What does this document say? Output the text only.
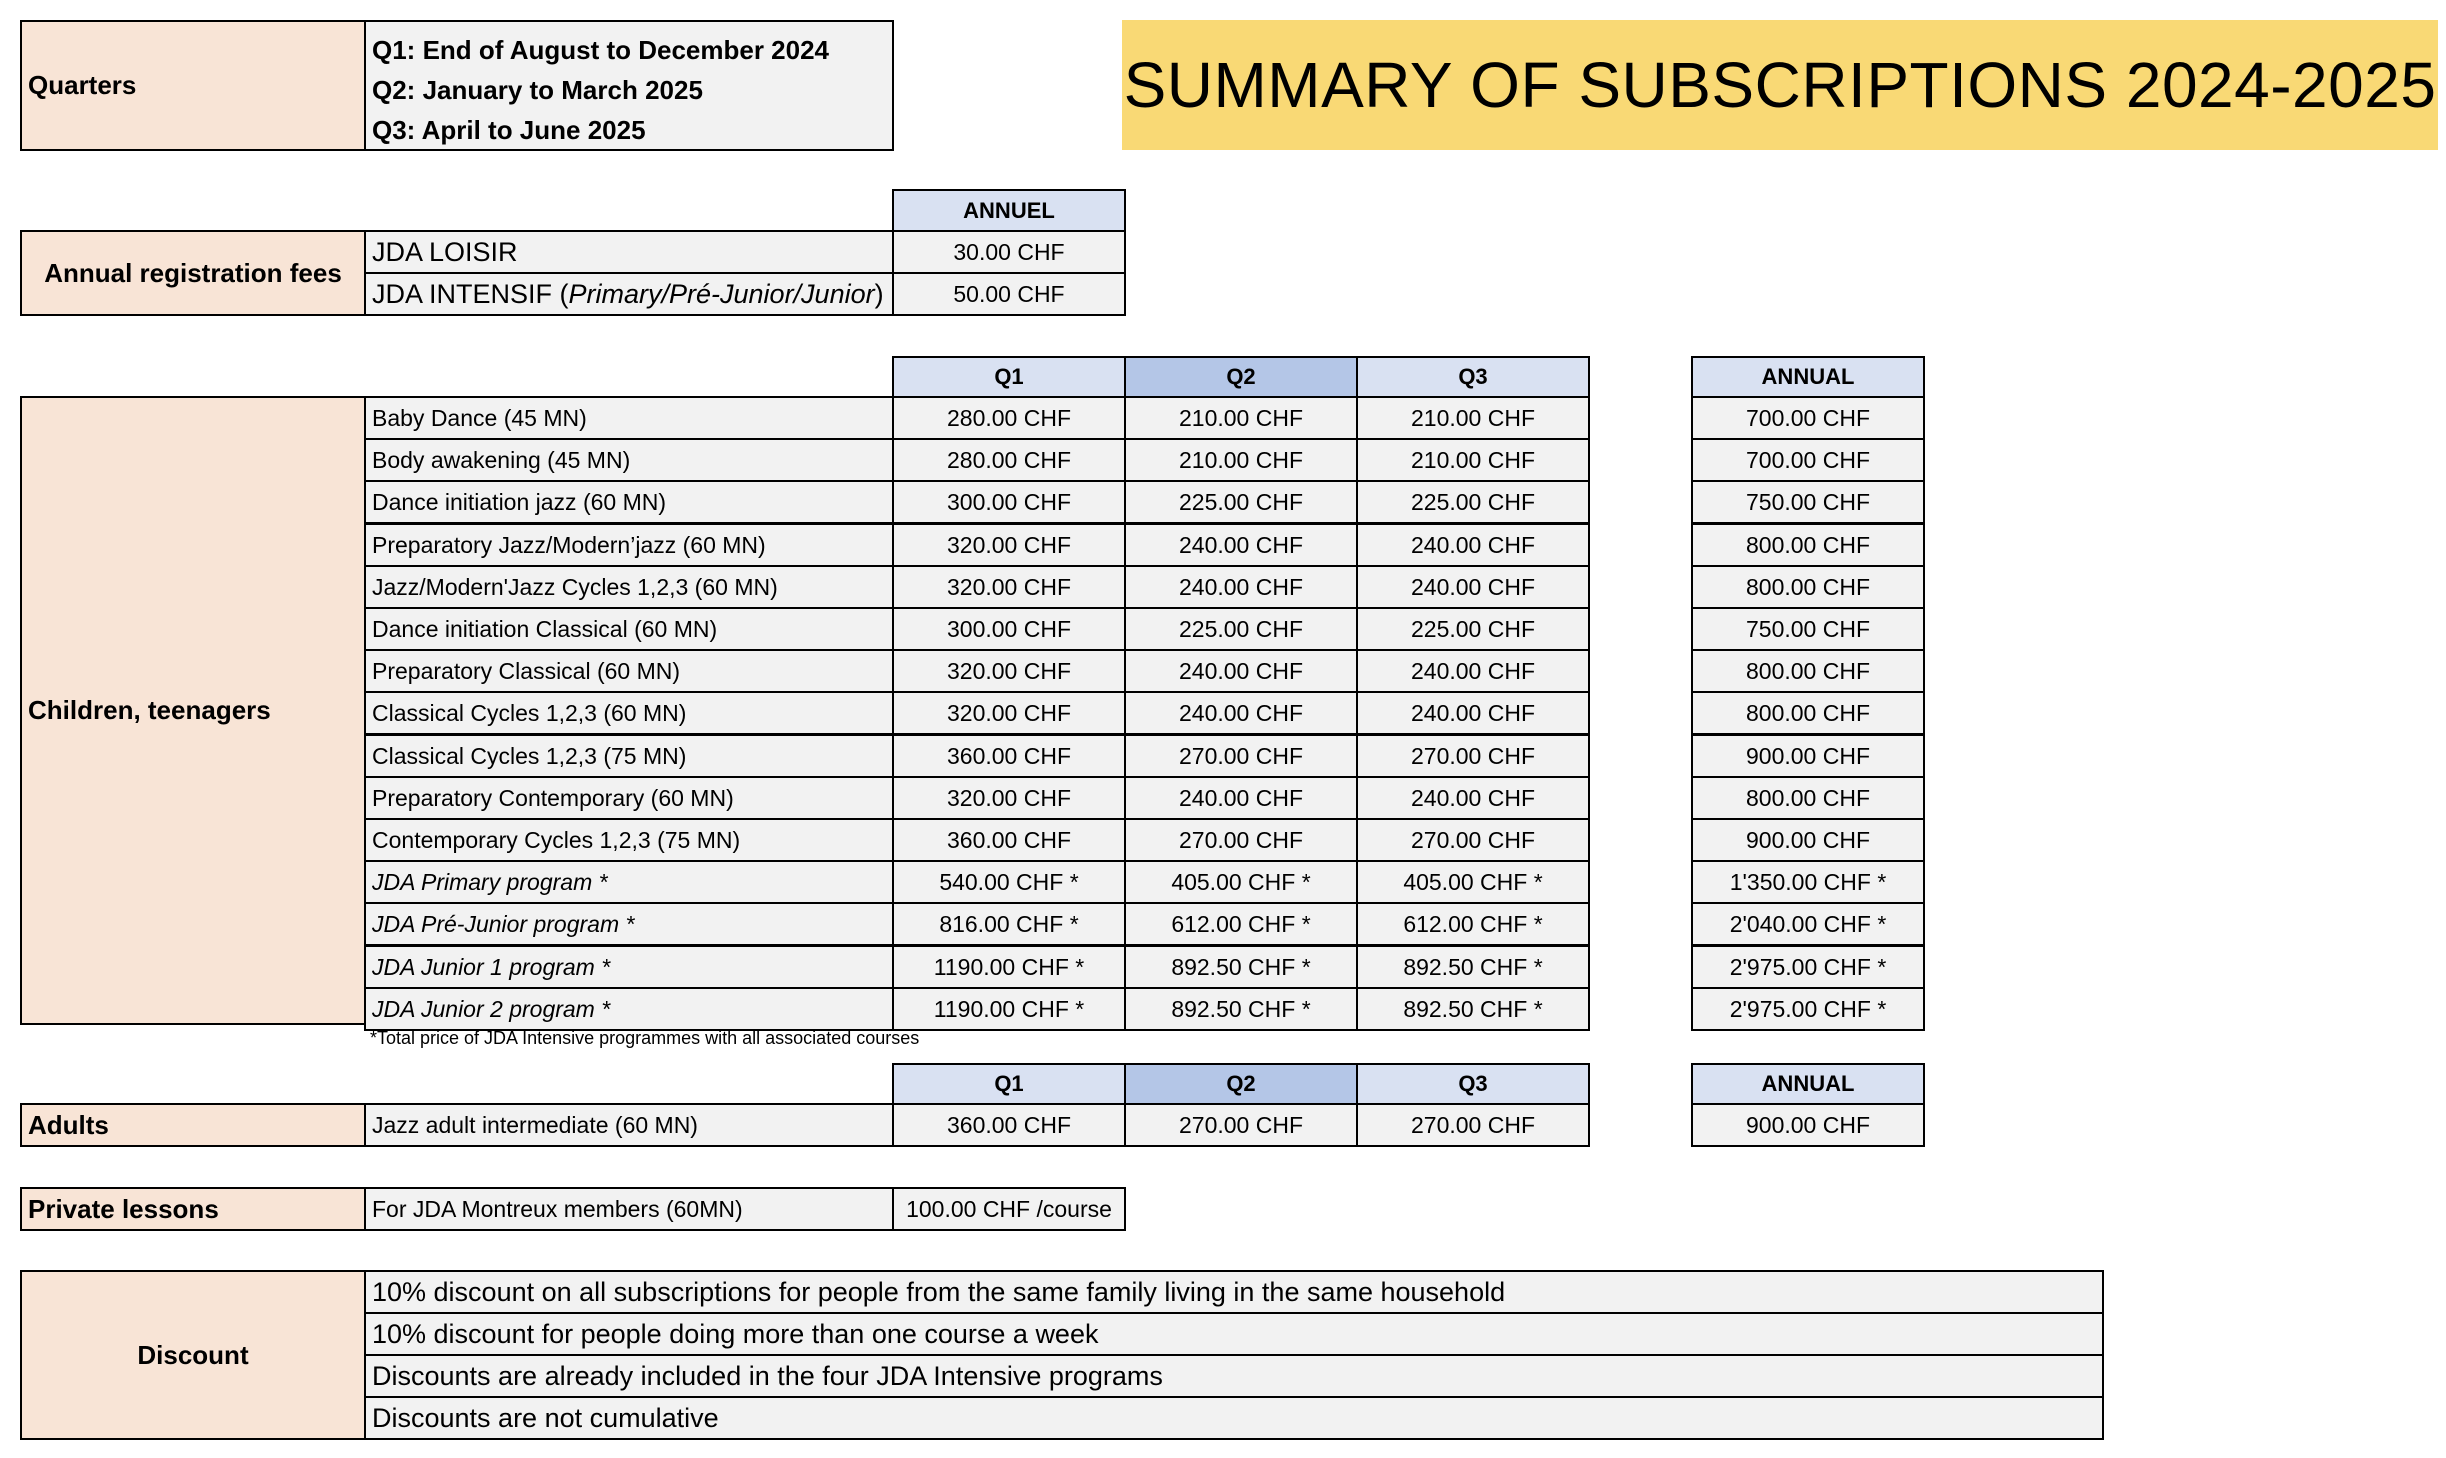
SUMMARY OF SUBSCRIPTIONS 2024-2025
Quarters
Q1: End of August to December 2024
Q2: January to March 2025
Q3: April to June 2025
ANNUEL
Annual registration fees
JDA LOISIR	30.00 CHF
JDA INTENSIF ( Primary/Pré-Junior/Junior )	50.00 CHF
Q1	Q2	Q3	ANNUAL
Children, teenagers
Baby Dance (45 MN)	280.00 CHF	210.00 CHF	210.00 CHF	700.00 CHF
Body awakening (45 MN)	280.00 CHF	210.00 CHF	210.00 CHF	700.00 CHF
Dance initiation jazz (60 MN)	300.00 CHF	225.00 CHF	225.00 CHF	750.00 CHF
Preparatory Jazz/Modern’jazz (60 MN)	320.00 CHF	240.00 CHF	240.00 CHF	800.00 CHF
Jazz/Modern'Jazz Cycles 1,2,3 (60 MN)	320.00 CHF	240.00 CHF	240.00 CHF	800.00 CHF
Dance initiation Classical (60 MN)	300.00 CHF	225.00 CHF	225.00 CHF	750.00 CHF
Preparatory Classical (60 MN)	320.00 CHF	240.00 CHF	240.00 CHF	800.00 CHF
Classical Cycles 1,2,3 (60 MN)	320.00 CHF	240.00 CHF	240.00 CHF	800.00 CHF
Classical Cycles 1,2,3 (75 MN)	360.00 CHF	270.00 CHF	270.00 CHF	900.00 CHF
Preparatory Contemporary (60 MN)	320.00 CHF	240.00 CHF	240.00 CHF	800.00 CHF
Contemporary Cycles 1,2,3 (75 MN)	360.00 CHF	270.00 CHF	270.00 CHF	900.00 CHF
JDA Primary program *	540.00 CHF *	405.00 CHF *	405.00 CHF *	1'350.00 CHF *
JDA Pré-Junior program *	816.00 CHF *	612.00 CHF *	612.00 CHF *	2'040.00 CHF *
JDA Junior 1 program *	1190.00 CHF *	892.50 CHF *	892.50 CHF *	2'975.00 CHF *
JDA Junior 2 program *	1190.00 CHF *	892.50 CHF *	892.50 CHF *	2'975.00 CHF *
*Total price of JDA Intensive programmes with all associated courses
Q1	Q2	Q3	ANNUAL
Adults	Jazz adult intermediate (60 MN)	360.00 CHF	270.00 CHF	270.00 CHF	900.00 CHF
Private lessons	For JDA Montreux members (60MN)	100.00 CHF /course
Discount
10% discount on all subscriptions for people from the same family living in the same household
10% discount for people doing more than one course a week
Discounts are already included in the four JDA Intensive programs
Discounts are not cumulative
